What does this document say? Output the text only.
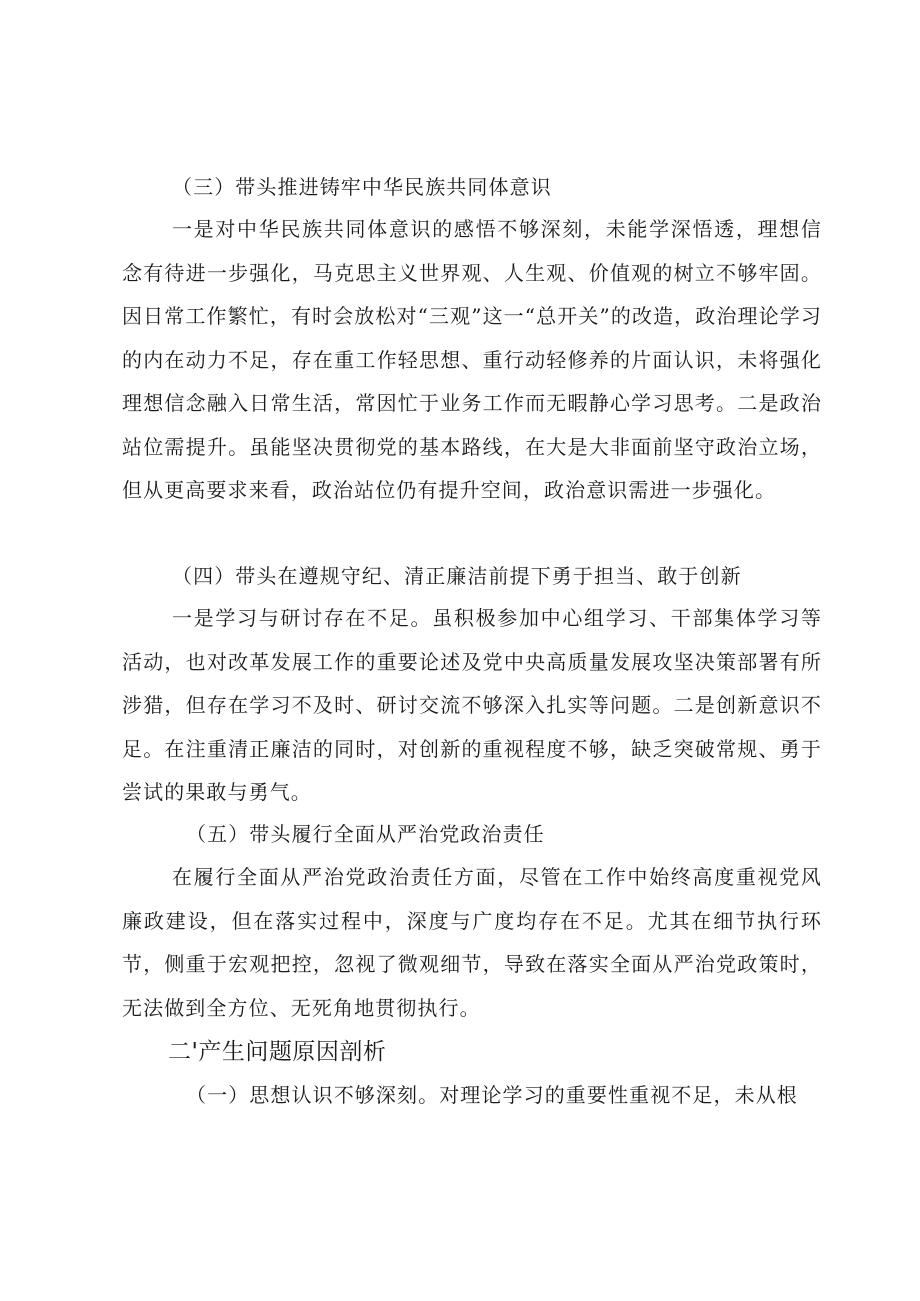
（三）带头推进铸牢中华民族共同体意识

一是对中华民族共同体意识的感悟不够深刻，未能学深悟透，理想信念有待进一步强化，马克思主义世界观、人生观、价值观的树立不够牢固。因日常工作繁忙，有时会放松对“三观”这一“总开关”的改造，政治理论学习的内在动力不足，存在重工作轻思想、重行动轻修养的片面认识，未将强化理想信念融入日常生活，常因忙于业务工作而无暇静心学习思考。二是政治站位需提升。虽能坚决贯彻党的基本路线，在大是大非面前坚守政治立场，但从更高要求来看，政治站位仍有提升空间，政治意识需进一步强化。

（四）带头在遵规守纪、清正廉洁前提下勇于担当、敢于创新

一是学习与研讨存在不足。虽积极参加中心组学习、干部集体学习等活动，也对改革发展工作的重要论述及党中央高质量发展攻坚决策部署有所涉猎，但存在学习不及时、研讨交流不够深入扎实等问题。二是创新意识不足。在注重清正廉洁的同时，对创新的重视程度不够，缺乏突破常规、勇于尝试的果敢与勇气。

（五）带头履行全面从严治党政治责任

在履行全面从严治党政治责任方面，尽管在工作中始终高度重视党风廉政建设，但在落实过程中，深度与广度均存在不足。尤其在细节执行环节，侧重于宏观把控，忽视了微观细节，导致在落实全面从严治党政策时，无法做到全方位、无死角地贯彻执行。

二'产生问题原因剖析

（一）思想认识不够深刻。对理论学习的重要性重视不足，未从根
